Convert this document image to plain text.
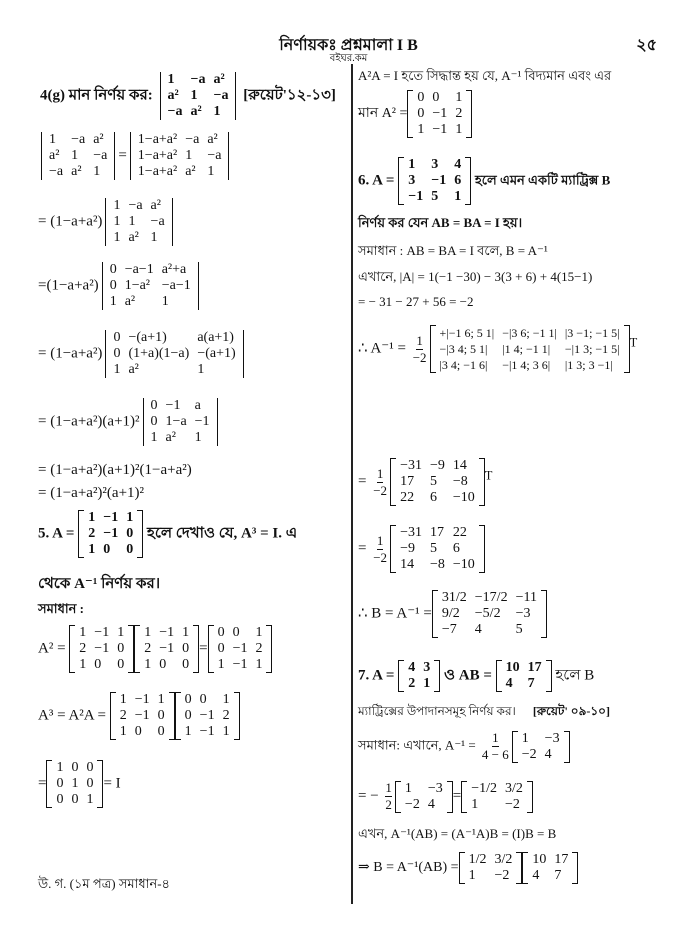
নির্ণায়কঃ প্রশ্নমালা I B
বইঘর.কম
২৫
4(g) মান নির্ণয় কর:
1	−a	a²
a²	1	−a
−a	a²	1
[রুয়েট'১২-১৩]
1	−a	a²
a²	1	−a
−a	a²	1
=
1−a+a²	−a	a²
1−a+a²	1	−a
1−a+a²	a²	1
= (1−a+a²)
1	−a	a²
1	1	−a
1	a²	1
=(1−a+a²)
0	−a−1	a²+a
0	1−a²	−a−1
1	a²	1
= (1−a+a²)
0	−(a+1)	a(a+1)
0	(1+a)(1−a)	−(a+1)
1	a²	1
= (1−a+a²)(a+1)²
0	−1	a
0	1−a	−1
1	a²	1
= (1−a+a²)(a+1)²(1−a+a²)
= (1−a+a²)²(a+1)²
5. A =
1	−1	1
2	−1	0
1	0	0
হলে দেখাও যে, A³ = I. এ
থেকে A⁻¹ নির্ণয় কর।
সমাধান :
A² =
1	−1	1
2	−1	0
1	0	0
1	−1	1
2	−1	0
1	0	0
=
0	0	1
0	−1	2
1	−1	1
A³ = A²A =
1	−1	1
2	−1	0
1	0	0
0	0	1
0	−1	2
1	−1	1
=
1	0	0
0	1	0
0	0	1
= I
উ. গ. (১ম পত্র) সমাধান-৪
A²A = I হতে সিদ্ধান্ত হয় যে, A⁻¹ বিদ্যমান এবং এর
মান A² =
0	0	1
0	−1	2
1	−1	1
6. A =
1	3	4
3	−1	6
−1	5	1
হলে এমন একটি ম্যাট্রিক্স B
নির্ণয় কর যেন AB = BA = I হয়।
সমাধান : AB = BA = I বলে, B = A⁻¹
এখানে, |A| = 1(−1 −30) − 3(3 + 6) + 4(15−1)
= − 31 − 27 + 56 = −2
∴ $A^{-1} = \frac{1}{-2} +|-1$ 6; 5 1|	−|3 6; −1 1|	|3 −1; −1 5|
−|3 4; 5 1|	|1 4; −1 1|	−|1 3; −1 5|
|3 4; −1 6|	−|1 4; 3 6|	|1 3; 3 −1|
$^T$
= $\frac{1}{-2} -31$	−9	14
17	5	−8
22	6	−10
$^T$
= $\frac{1}{-2} -31$	17	22
−9	5	6
14	−8	−10
∴ B = A⁻¹ =
31/2	−17/2	−11
9/2	−5/2	−3
−7	4	5
7. A = 4	3
2	1
ও AB = 10	17
4	7
হলে B
ম্যাট্রিক্সের উপাদানসমূহ নির্ণয় কর। [রুয়েট' ০৯-১০]
সমাধান: এখানে, $A^{-1} = \frac{1}{4 - 6} 1$	−3
−2	4
= − $\frac{1}{2} 1$	−3
−2	4
= −1/2	3/2
1	−2
এখন, A⁻¹(AB) = (A⁻¹A)B = (I)B = B
⇒ B = A⁻¹(AB) =
1/2	3/2
1	−2
10	17
4	7
